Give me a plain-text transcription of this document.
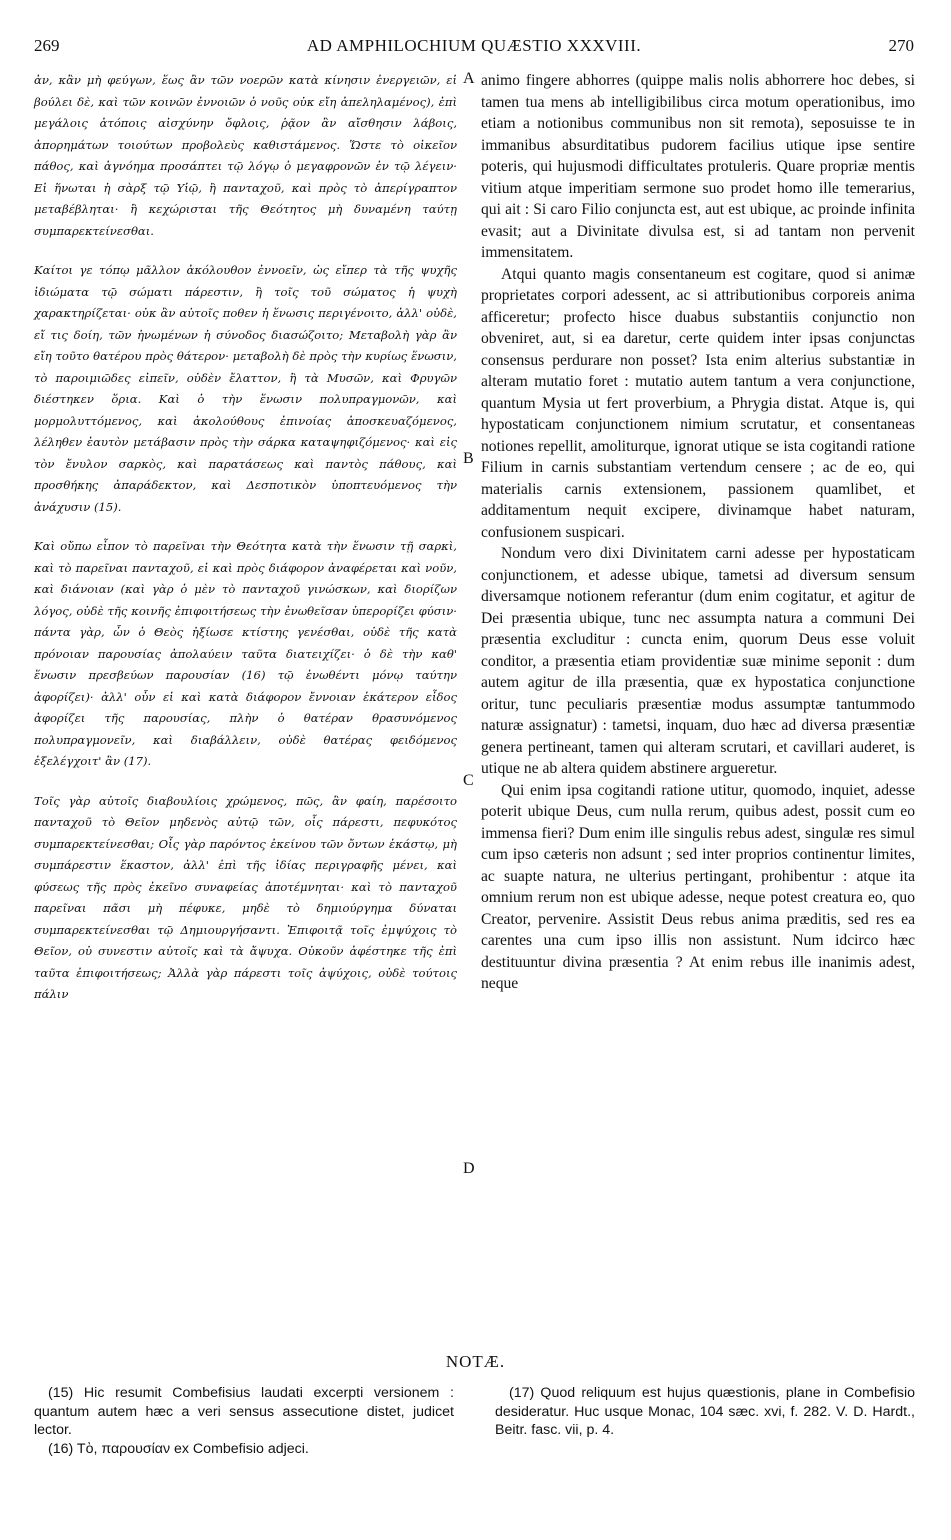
269	AD AMPHILOCHIUM QUÆSTIO XXXVIII.	270

ἀν, κἂν μὴ φεύγων, ἕως ἂν τῶν νοερῶν κατὰ κίνησιν ἐνεργειῶν, εἰ βούλει δὲ, καὶ τῶν κοινῶν ἐννοιῶν ὁ νοῦς οὐκ εἴη ἀπεληλαμένος), ἐπὶ μεγάλοις ἀτόποις αἰσχύνην ὄφλοις, ῥᾷον ἂν αἴσθησιν λάβοις, ἀπορημάτων τοιούτων προβολεὺς καθιστάμενος. Ὥστε τὸ οἰκεῖον πάθος, καὶ ἀγνόημα προσάπτει τῷ λόγῳ ὁ μεγαφρονῶν ἐν τῷ λέγειν· Εἰ ἥνωται ἡ σὰρξ τῷ Υἱῷ, ἢ πανταχοῦ, καὶ πρὸς τὸ ἀπερίγραπτον μεταβέβληται· ἢ κεχώρισται τῆς Θεότητος μὴ δυναμένη ταύτῃ συμπαρεκτείνεσθαι.

Καίτοι γε τόπῳ μᾶλλον ἀκόλουθον ἐννοεῖν, ὡς εἴπερ τὰ τῆς ψυχῆς ἰδιώματα τῷ σώματι πάρεστιν, ἢ τοῖς τοῦ σώματος ἡ ψυχὴ χαρακτηρίζεται· οὐκ ἂν αὐτοῖς ποθεν ἡ ἕνωσις περιγένοιτο, ἀλλ' οὐδὲ, εἴ τις δοίη, τῶν ἡνωμένων ἡ σύνοδος διασώζοιτο; Μεταβολὴ γὰρ ἂν εἴη τοῦτο θατέρου πρὸς θάτερον· μεταβολὴ δὲ πρὸς τὴν κυρίως ἕνωσιν, τὸ παροιμιῶδες εἰπεῖν, οὐδὲν ἔλαττον, ἢ τὰ Μυσῶν, καὶ Φρυγῶν διέστηκεν ὅρια. Καὶ ὁ τὴν ἕνωσιν πολυπραγμονῶν, καὶ μορμολυττόμενος, καὶ ἀκολούθους ἐπινοίας ἀποσκευαζόμενος, λέληθεν ἑαυτὸν μετάβασιν πρὸς τὴν σάρκα καταψηφιζόμενος· καὶ εἰς τὸν ἔνυλον σαρκὸς, καὶ παρατάσεως καὶ παντὸς πάθους, καὶ προσθήκης ἀπαράδεκτον, καὶ Δεσποτικὸν ὑποπτευόμενος τὴν ἀνάχυσιν (15).

Καὶ οὔπω εἶπον τὸ παρεῖναι τὴν Θεότητα κατὰ τὴν ἕνωσιν τῇ σαρκὶ, καὶ τὸ παρεῖναι πανταχοῦ, εἰ καὶ πρὸς διάφορον ἀναφέρεται καὶ νοῦν, καὶ διάνοιαν (καὶ γὰρ ὁ μὲν τὸ πανταχοῦ γινώσκων, καὶ διορίζων λόγος, οὐδὲ τῆς κοινῆς ἐπιφοιτήσεως τὴν ἐνωθεῖσαν ὑπερορίζει φύσιν· πάντα γὰρ, ὧν ὁ Θεὸς ἠξίωσε κτίστης γενέσθαι, οὐδὲ τῆς κατὰ πρόνοιαν παρουσίας ἀπολαύειν ταῦτα διατειχίζει· ὁ δὲ τὴν καθ' ἕνωσιν πρεσβεύων παρουσίαν (16) τῷ ἑνωθέντι μόνῳ ταύτην ἀφορίζει)· ἀλλ' οὖν εἰ καὶ κατὰ διάφορον ἔννοιαν ἑκάτερον εἶδος ἀφορίζει τῆς παρουσίας, πλὴν ὁ θατέραν θρασυνόμενος πολυπραγμονεῖν, καὶ διαβάλλειν, οὐδὲ θατέρας φειδόμενος ἐξελέγχοιτ' ἂν (17).

Τοῖς γὰρ αὐτοῖς διαβουλίοις χρώμενος, πῶς, ἂν φαίη, παρέσοιτο πανταχοῦ τὸ Θεῖον μηδενὸς αὐτῷ τῶν, οἷς πάρεστι, πεφυκότος συμπαρεκτείνεσθαι; Οἷς γὰρ παρόντος ἐκείνου τῶν ὄντων ἑκάστῳ, μὴ συμπάρεστιν ἕκαστον, ἀλλ' ἐπὶ τῆς ἰδίας περιγραφῆς μένει, καὶ φύσεως τῆς πρὸς ἐκεῖνο συναφείας ἀποτέμνηται· καὶ τὸ πανταχοῦ παρεῖναι πᾶσι μὴ πέφυκε, μηδὲ τὸ δημιούργημα δύναται συμπαρεκτείνεσθαι τῷ Δημιουργήσαντι. Ἐπιφοιτᾷ τοῖς ἐμψύχοις τὸ Θεῖον, οὐ συνεστιν αὐτοῖς καὶ τὰ ἄψυχα. Οὐκοῦν ἀφέστηκε τῆς ἐπὶ ταῦτα ἐπιφοιτήσεως; Ἀλλὰ γὰρ πάρεστι τοῖς ἀψύχοις, οὐδὲ τούτοις πάλιν

A
B
C
D

animo fingere abhorres (quippe malis nolis abhorrere hoc debes, si tamen tua mens ab intelligibilibus circa motum operationibus, imo etiam a notionibus communibus non sit remota), seposuisse te in immanibus absurditatibus pudorem facilius utique ipse sentire poteris, qui hujusmodi difficultates protuleris. Quare propriæ mentis vitium atque imperitiam sermone suo prodet homo ille temerarius, qui ait : Si caro Filio conjuncta est, aut est ubique, ac proinde infinita evasit; aut a Divinitate divulsa est, si ad tantam non pervenit immensitatem.

Atqui quanto magis consentaneum est cogitare, quod si animæ proprietates corpori adessent, ac si attributionibus corporeis anima afficeretur; profecto hisce duabus substantiis conjunctio non obveniret, aut, si ea daretur, certe quidem inter ipsas conjunctas consensus perdurare non posset? Ista enim alterius substantiæ in alteram mutatio foret : mutatio autem tantum a vera conjunctione, quantum Mysia ut fert proverbium, a Phrygia distat. Atque is, qui hypostaticam conjunctionem nimium scrutatur, et consentaneas notiones repellit, amoliturque, ignorat utique se ista cogitandi ratione Filium in carnis substantiam vertendum censere ; ac de eo, qui materialis carnis extensionem, passionem quamlibet, et additamentum nequit excipere, divinamque habet naturam, confusionem suspicari.

Nondum vero dixi Divinitatem carni adesse per hypostaticam conjunctionem, et adesse ubique, tametsi ad diversum sensum diversamque notionem referantur (dum enim cogitatur, et agitur de Dei præsentia ubique, tunc nec assumpta natura a communi Dei præsentia excluditur : cuncta enim, quorum Deus esse voluit conditor, a præsentia etiam providentiæ suæ minime seponit : dum autem agitur de illa præsentia, quæ ex hypostatica conjunctione oritur, tunc peculiaris præsentiæ modus assumptæ tantummodo naturæ assignatur) : tametsi, inquam, duo hæc ad diversa præsentiæ genera pertineant, tamen qui alteram scrutari, et cavillari auderet, is utique ne ab altera quidem abstinere argueretur.

Qui enim ipsa cogitandi ratione utitur, quomodo, inquiet, adesse poterit ubique Deus, cum nulla rerum, quibus adest, possit cum eo immensa fieri? Dum enim ille singulis rebus adest, singulæ res simul cum ipso cæteris non adsunt ; sed inter proprios continentur limites, ac suapte natura, ne ulterius pertingant, prohibentur : atque ita omnium rerum non est ubique adesse, neque potest creatura eo, quo Creator, pervenire. Assistit Deus rebus anima præditis, sed res ea carentes una cum ipso illis non assistunt. Num idcirco hæc destituuntur divina præsentia ? At enim rebus ille inanimis adest, neque

NOTÆ.

(15) Hic resumit Combefisius laudati excerpti versionem : quantum autem hæc a veri sensus assecutione distet, judicet lector.

(16) Τὸ, παρουσίαν ex Combefisio adjeci.

(17) Quod reliquum est hujus quæstionis, plane in Combefisio desideratur. Huc usque Monac, 104 sæc. xvi, f. 282. V. D. Hardt., Beitr. fasc. vii, p. 4.
